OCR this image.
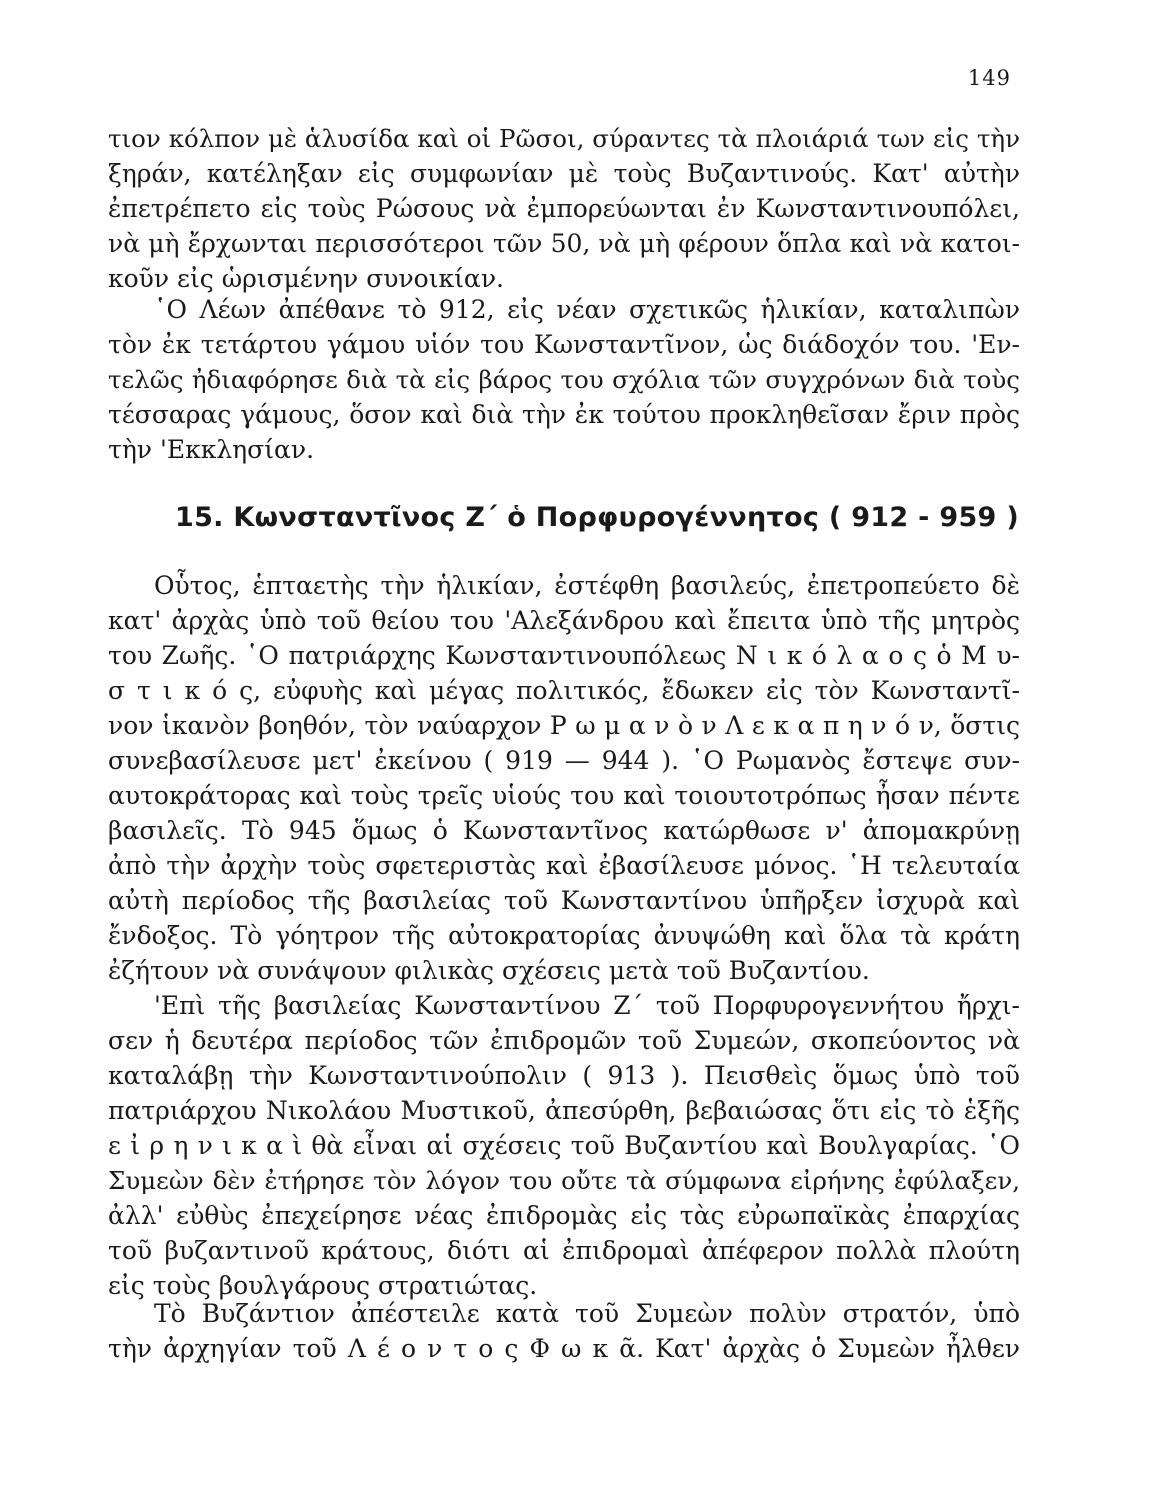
149
τιον κόλπον μὲ ἁλυσίδα καὶ οἱ Ρῶσοι, σύραντες τὰ πλοιάριά των εἰς τὴν
ξηράν, κατέληξαν εἰς συμφωνίαν μὲ τοὺς Βυζαντινούς. Κατ' αὐτὴν
ἐπετρέπετο εἰς τοὺς Ρώσους νὰ ἐμπορεύωνται ἐν Κωνσταντινουπόλει,
νὰ μὴ ἔρχωνται περισσότεροι τῶν 50, νὰ μὴ φέρουν ὅπλα καὶ νὰ κατοι-
κοῦν εἰς ὡρισμένην συνοικίαν.
῾Ο Λέων ἀπέθανε τὸ 912, εἰς νέαν σχετικῶς ἡλικίαν, καταλιπὼν
τὸν ἐκ τετάρτου γάμου υἱόν του Κωνσταντῖνον, ὡς διάδοχόν του. 'Εν-
τελῶς ἠδιαφόρησε διὰ τὰ εἰς βάρος του σχόλια τῶν συγχρόνων διὰ τοὺς
τέσσαρας γάμους, ὅσον καὶ διὰ τὴν ἐκ τούτου προκληθεῖσαν ἔριν πρὸς
τὴν 'Εκκλησίαν.
15. Κωνσταντῖνος Ζ΄ ὁ Πορφυρογέννητος ( 912 - 959 )
Οὗτος, ἑπταετὴς τὴν ἡλικίαν, ἐστέφθη βασιλεύς, ἐπετροπεύετο δὲ
κατ' ἀρχὰς ὑπὸ τοῦ θείου του 'Αλεξάνδρου καὶ ἔπειτα ὑπὸ τῆς μητρὸς
του Ζωῆς. ῾Ο πατριάρχης Κωνσταντινουπόλεως Ν ι κ ό λ α ο ς ὁ Μ υ-
σ τ ι κ ό ς, εὐφυὴς καὶ μέγας πολιτικός, ἔδωκεν εἰς τὸν Κωνσταντῖ-
νον ἱκανὸν βοηθόν, τὸν ναύαρχον Ρ ω μ α ν ὸ ν Λ ε κ α π η ν ό ν, ὅστις
συνεβασίλευσε μετ' ἐκείνου ( 919 — 944 ). ῾Ο Ρωμανὸς ἔστεψε συν-
αυτοκράτορας καὶ τοὺς τρεῖς υἱούς του καὶ τοιουτοτρόπως ἦσαν πέντε
βασιλεῖς. Τὸ 945 ὅμως ὁ Κωνσταντῖνος κατώρθωσε ν' ἀπομακρύνῃ
ἀπὸ τὴν ἀρχὴν τοὺς σφετεριστὰς καὶ ἐβασίλευσε μόνος. ῾Η τελευταία
αὐτὴ περίοδος τῆς βασιλείας τοῦ Κωνσταντίνου ὑπῆρξεν ἰσχυρὰ καὶ
ἔνδοξος. Τὸ γόητρον τῆς αὐτοκρατορίας ἀνυψώθη καὶ ὅλα τὰ κράτη
ἐζήτουν νὰ συνάψουν φιλικὰς σχέσεις μετὰ τοῦ Βυζαντίου.
'Επὶ τῆς βασιλείας Κωνσταντίνου Ζ΄ τοῦ Πορφυρογεννήτου ἤρχι-
σεν ἡ δευτέρα περίοδος τῶν ἐπιδρομῶν τοῦ Συμεών, σκοπεύοντος νὰ
καταλάβῃ τὴν Κωνσταντινούπολιν ( 913 ). Πεισθεὶς ὅμως ὑπὸ τοῦ
πατριάρχου Νικολάου Μυστικοῦ, ἀπεσύρθη, βεβαιώσας ὅτι εἰς τὸ ἑξῆς
ε ἰ ρ η ν ι κ α ὶ θὰ εἶναι αἱ σχέσεις τοῦ Βυζαντίου καὶ Βουλγαρίας. ῾Ο
Συμεὼν δὲν ἐτήρησε τὸν λόγον του οὔτε τὰ σύμφωνα εἰρήνης ἐφύλαξεν,
ἀλλ' εὐθὺς ἐπεχείρησε νέας ἐπιδρομὰς εἰς τὰς εὐρωπαϊκὰς ἐπαρχίας
τοῦ βυζαντινοῦ κράτους, διότι αἱ ἐπιδρομαὶ ἀπέφερον πολλὰ πλούτη
εἰς τοὺς βουλγάρους στρατιώτας.
Τὸ Βυζάντιον ἀπέστειλε κατὰ τοῦ Συμεὼν πολὺν στρατόν, ὑπὸ
τὴν ἀρχηγίαν τοῦ Λ έ ο ν τ ο ς Φ ω κ ᾶ. Κατ' ἀρχὰς ὁ Συμεὼν ἦλθεν
